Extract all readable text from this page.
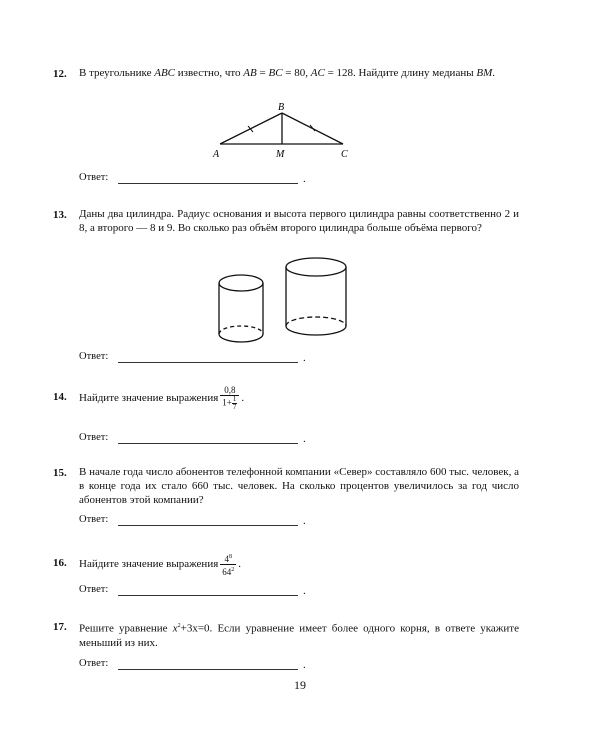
12. В треугольнике ABC известно, что AB = BC = 80, AC = 128. Найдите длину медианы BM.
A
B
C
M
Ответ:	.
13. Даны два цилиндра. Радиус основания и высота первого цилиндра равны соответственно 2 и 8, а второго — 8 и 9. Во сколько раз объём второго цилиндра больше объёма первого?
Ответ:	.
14. Найдите значение выражения $\frac{0,8}{1+ \frac{1}{7}}$ .
Ответ:	.
15. В начале года число абонентов телефонной компании «Север» составляло 600 тыс. человек, а в конце года их стало 660 тыс. человек. На сколько процентов увеличилось за год число абонентов этой компании?
Ответ:	.
16. Найдите значение выражения $\frac{4^8}{64^2}$ .
Ответ:	.
17. Решите уравнение $x^2+3x=0$. Если уравнение имеет более одного корня, в ответе укажите меньший из них.
Ответ:	.
19
